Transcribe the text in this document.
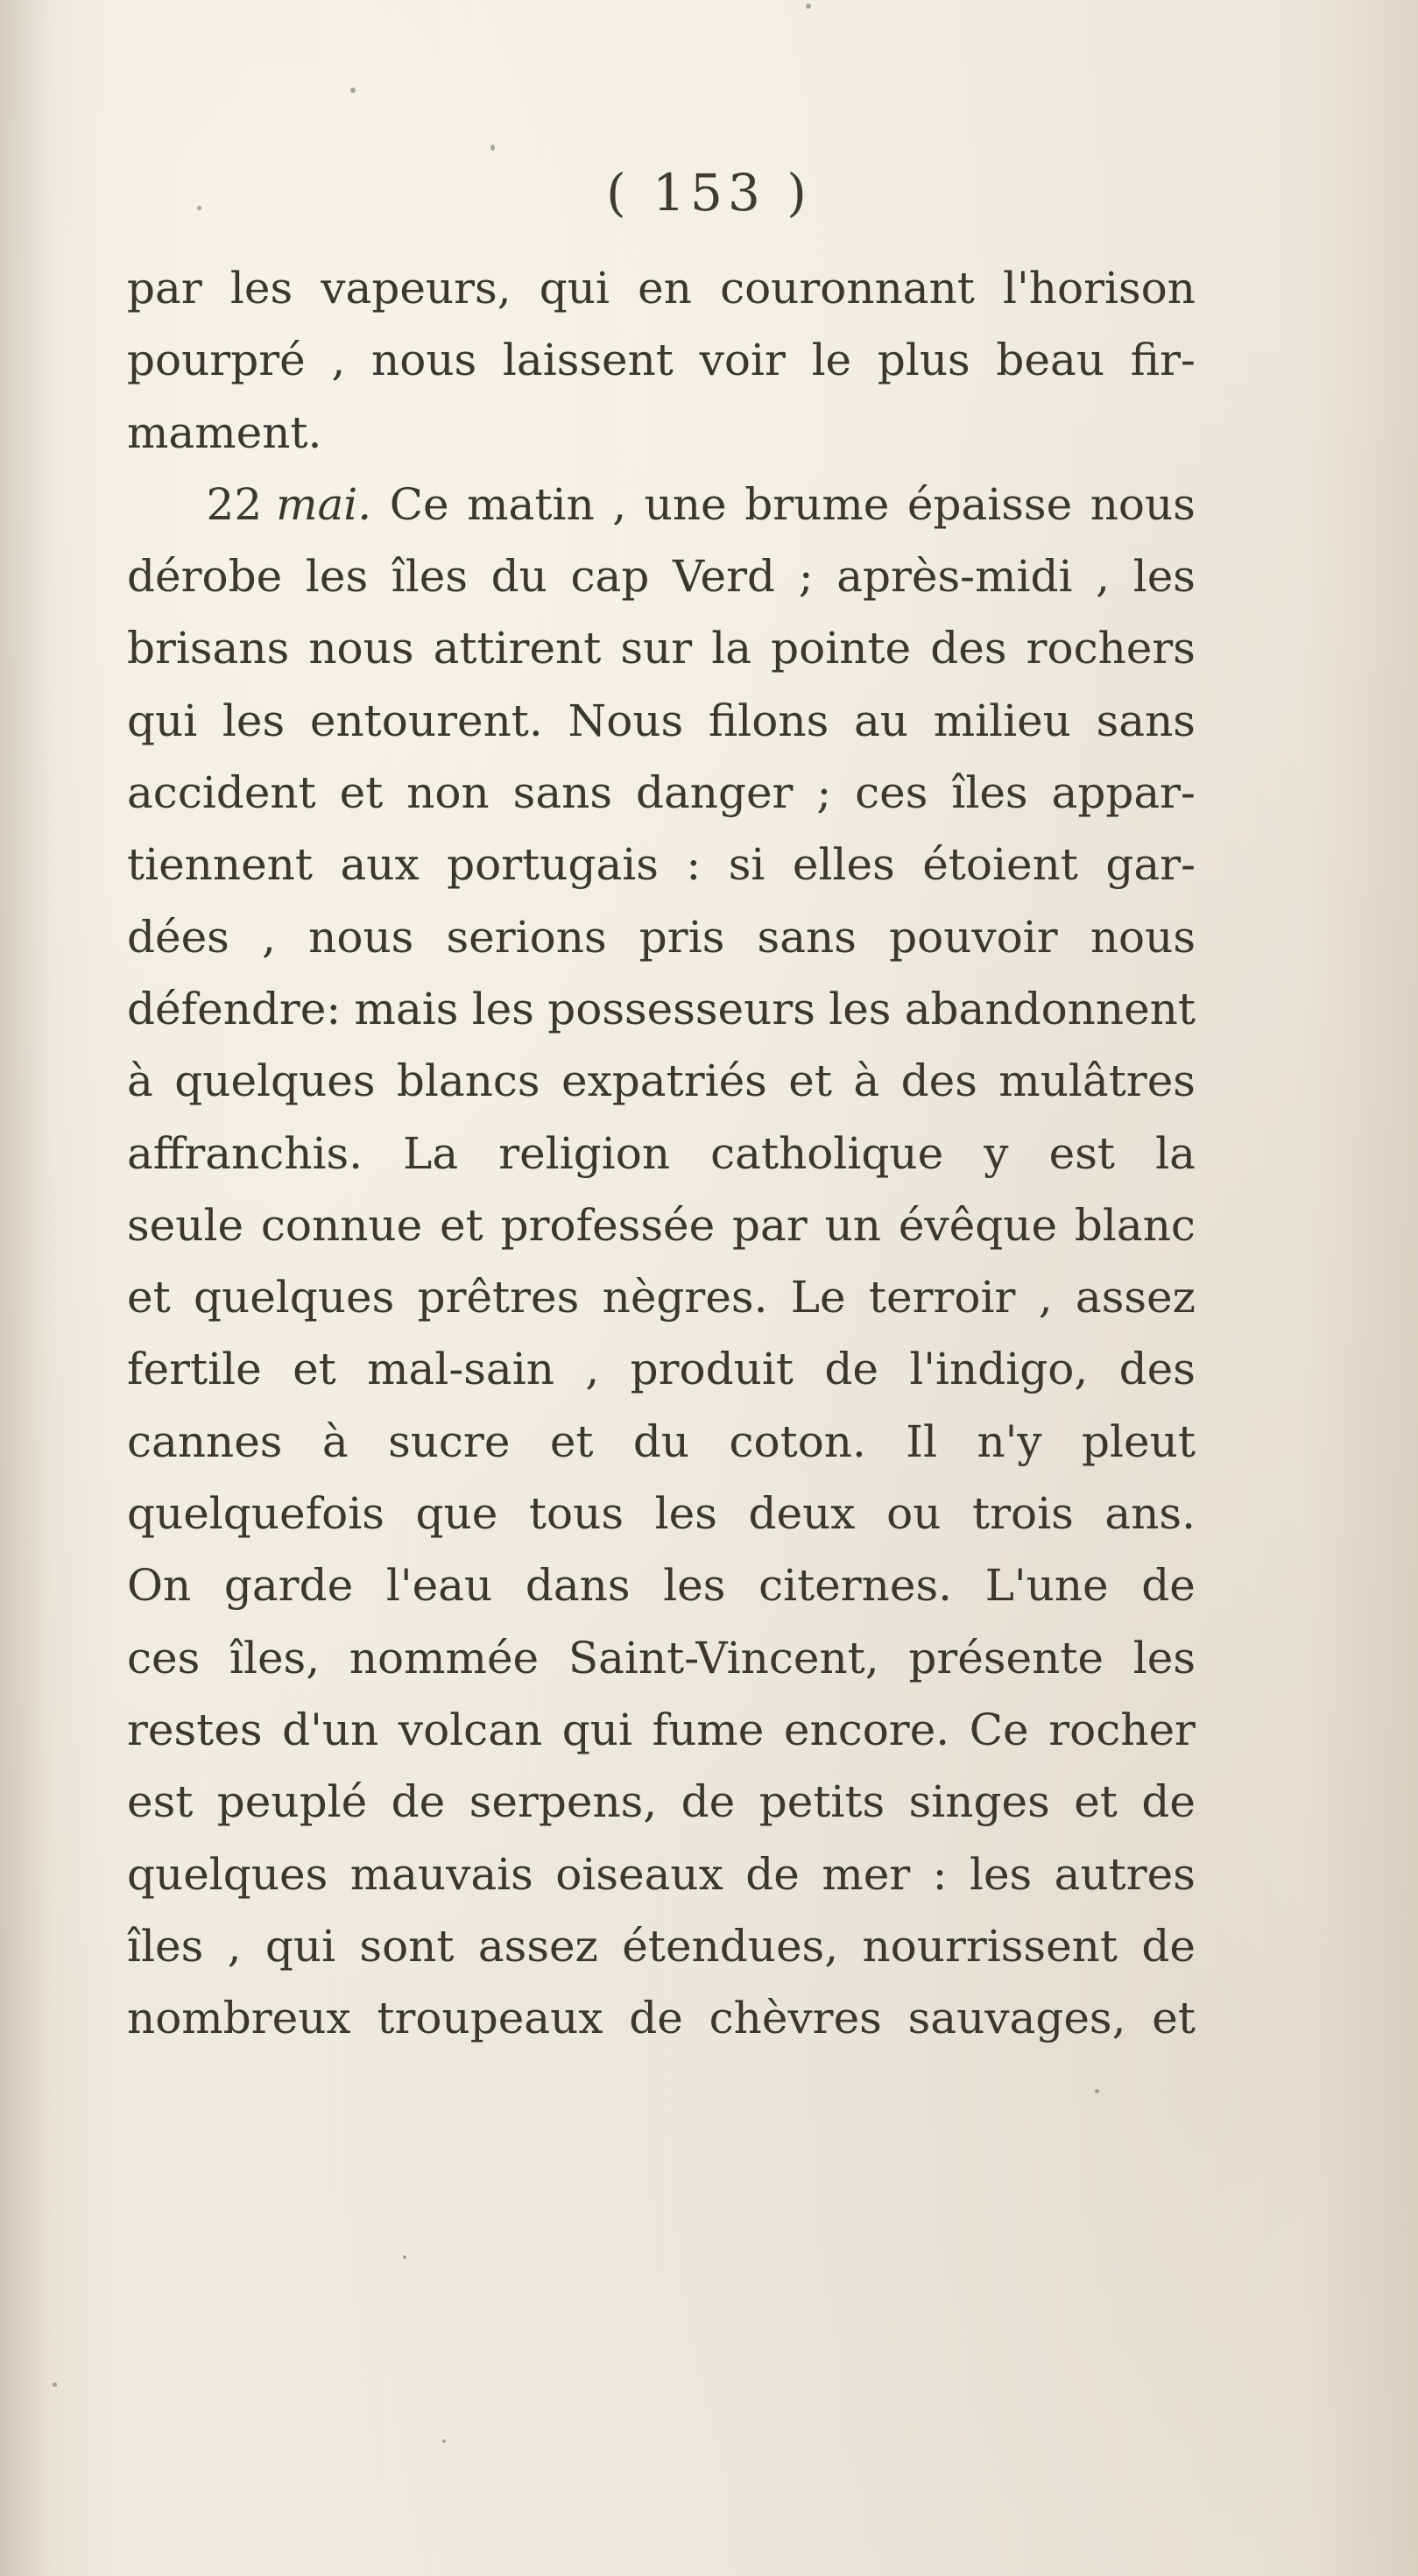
( 153 )
par les vapeurs, qui en couronnant l'horison
pourpré , nous laissent voir le plus beau fir-
mament.
22 mai. Ce matin , une brume épaisse nous
dérobe les îles du cap Verd ; après-midi , les
brisans nous attirent sur la pointe des rochers
qui les entourent. Nous filons au milieu sans
accident et non sans danger ; ces îles appar-
tiennent aux portugais : si elles étoient gar-
dées , nous serions pris sans pouvoir nous
défendre: mais les possesseurs les abandonnent
à quelques blancs expatriés et à des mulâtres
affranchis. La religion catholique y est la
seule connue et professée par un évêque blanc
et quelques prêtres nègres. Le terroir , assez
fertile et mal-sain , produit de l'indigo, des
cannes à sucre et du coton. Il n'y pleut
quelquefois que tous les deux ou trois ans.
On garde l'eau dans les citernes. L'une de
ces îles, nommée Saint-Vincent, présente les
restes d'un volcan qui fume encore. Ce rocher
est peuplé de serpens, de petits singes et de
quelques mauvais oiseaux de mer : les autres
îles , qui sont assez étendues, nourrissent de
nombreux troupeaux de chèvres sauvages, et
